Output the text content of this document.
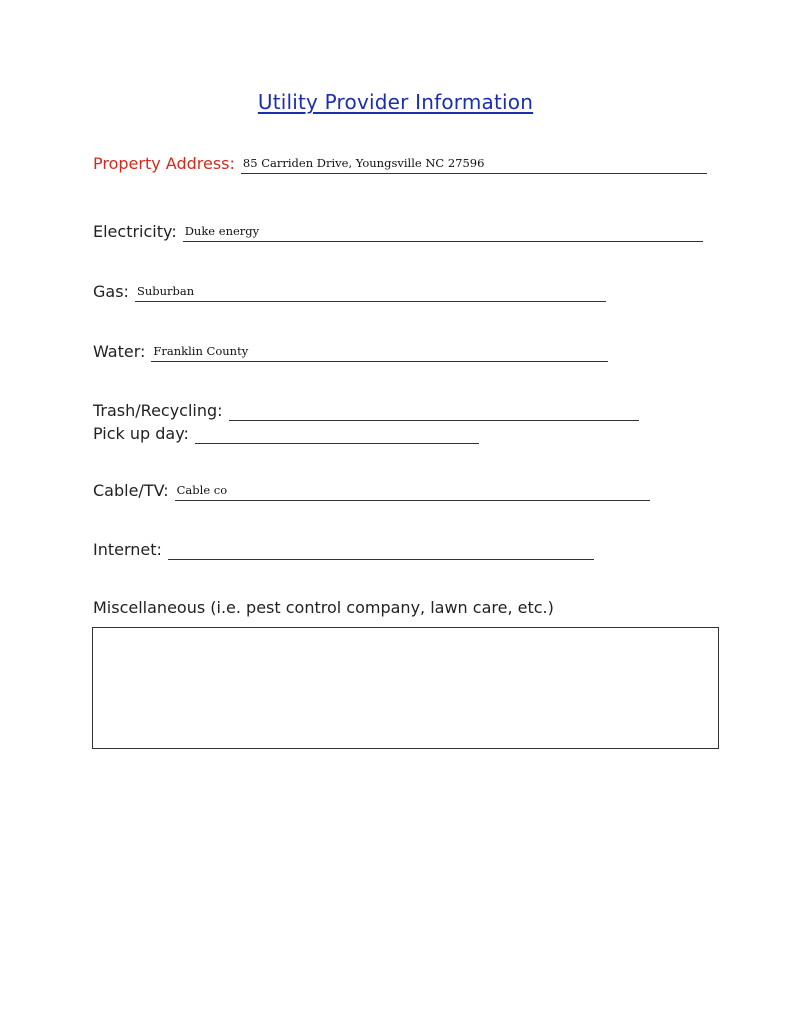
Utility Provider Information
Property Address: 85 Carriden Drive, Youngsville NC 27596
Electricity: Duke energy
Gas: Suburban
Water: Franklin County
Trash/Recycling:
Pick up day:
Cable/TV: Cable co
Internet:
Miscellaneous (i.e. pest control company, lawn care, etc.)
